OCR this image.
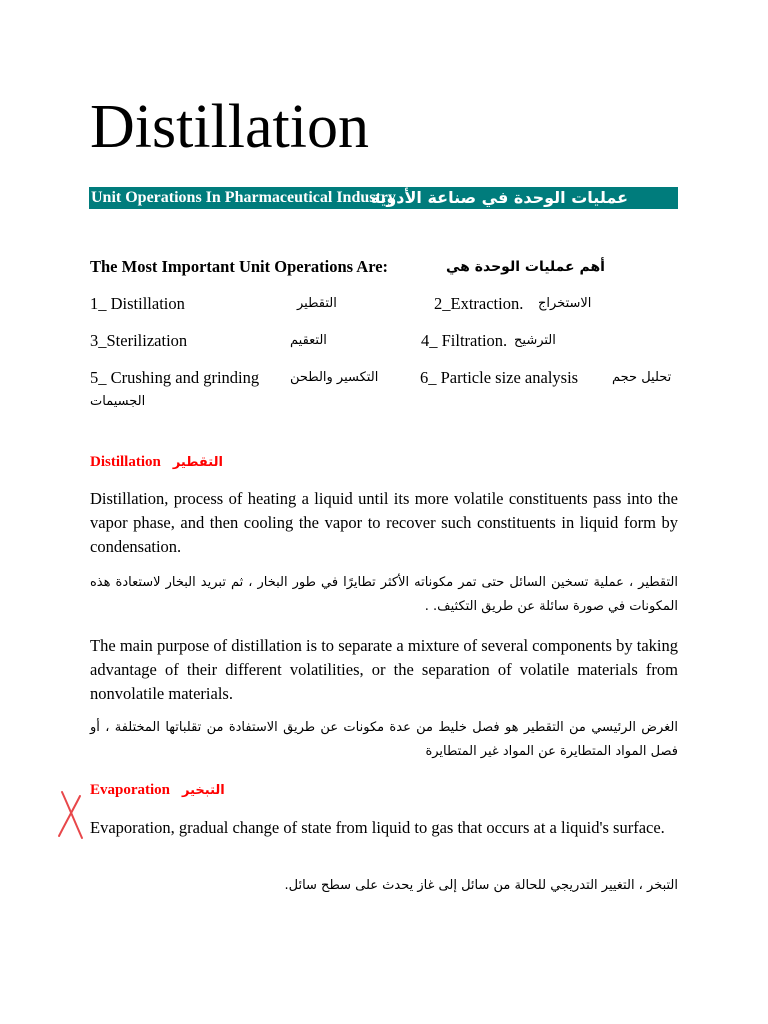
Distillation
Unit Operations In Pharmaceutical Industry
عمليات الوحدة في صناعة الأدوية
The Most Important Unit Operations Are:	أهم عمليات الوحدة هي
1_ Distillation	التقطير	2_Extraction. الاستخراج
3_Sterilization	التعقيم	4_ Filtration. الترشيح
5_ Crushing and grinding التكسير والطحن	6_ Particle size analysis	تحليل حجم
الجسيمات
Distillation التقطير

Distillation, process of heating a liquid until its more volatile constituents pass into the vapor phase, and then cooling the vapor to recover such constituents in liquid form by condensation.

التقطير ، عملية تسخين السائل حتى تمر مكوناته الأكثر تطايرًا في طور البخار ، ثم تبريد البخار لاستعادة هذه المكونات في صورة سائلة عن طريق التكثيف. .

The main purpose of distillation is to separate a mixture of several components by taking advantage of their different volatilities, or the separation of volatile materials from nonvolatile materials.

الغرض الرئيسي من التقطير هو فصل خليط من عدة مكونات عن طريق الاستفادة من تقلباتها المختلفة ، أو فصل المواد المتطايرة عن المواد غير المتطايرة

Evaporation التبخير

Evaporation, gradual change of state from liquid to gas that occurs at a liquid's surface.

التبخر ، التغيير التدريجي للحالة من سائل إلى غاز يحدث على سطح سائل.
